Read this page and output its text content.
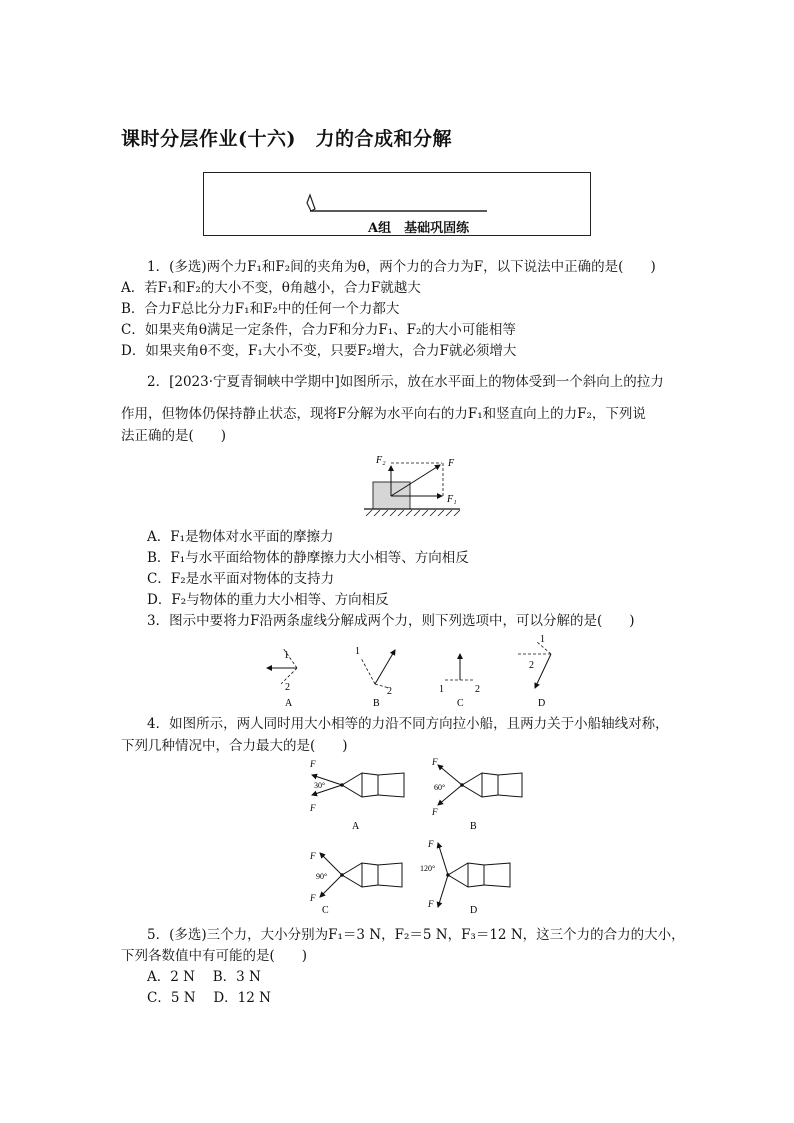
课时分层作业(十六)　力的合成和分解
A组　基础巩固练
1．(多选)两个力F₁和F₂间的夹角为θ，两个力的合力为F，以下说法中正确的是(　　)
A．若F₁和F₂的大小不变，θ角越小，合力F就越大
B．合力F总比分力F₁和F₂中的任何一个力都大
C．如果夹角θ满足一定条件，合力F和分力F₁、F₂的大小可能相等
D．如果夹角θ不变，F₁大小不变，只要F₂增大，合力F就必须增大
2．[2023·宁夏青铜峡中学期中]如图所示，放在水平面上的物体受到一个斜向上的拉力
作用，但物体仍保持静止状态，现将F分解为水平向右的力F₁和竖直向上的力F₂，下列说
法正确的是(　　)
F₂	F
F₁
A．F₁是物体对水平面的摩擦力
B．F₁与水平面给物体的静摩擦力大小相等、方向相反
C．F₂是水平面对物体的支持力
D．F₂与物体的重力大小相等、方向相反
3．图示中要将力F沿两条虚线分解成两个力，则下列选项中，可以分解的是(　　)
1
2
A
1
2
B
1	2
C
1
2
D
4．如图所示，两人同时用大小相等的力沿不同方向拉小船，且两力关于小船轴线对称，
下列几种情况中，合力最大的是(　　)
F
F
30°
A
F
F
60°
B
F
F
90°
C
F
F
120°
D
5．(多选)三个力，大小分别为F₁＝3 N，F₂＝5 N，F₃＝12 N，这三个力的合力的大小，
下列各数值中有可能的是(　　)
A．2 N　 B．3 N
C．5 N　 D．12 N
